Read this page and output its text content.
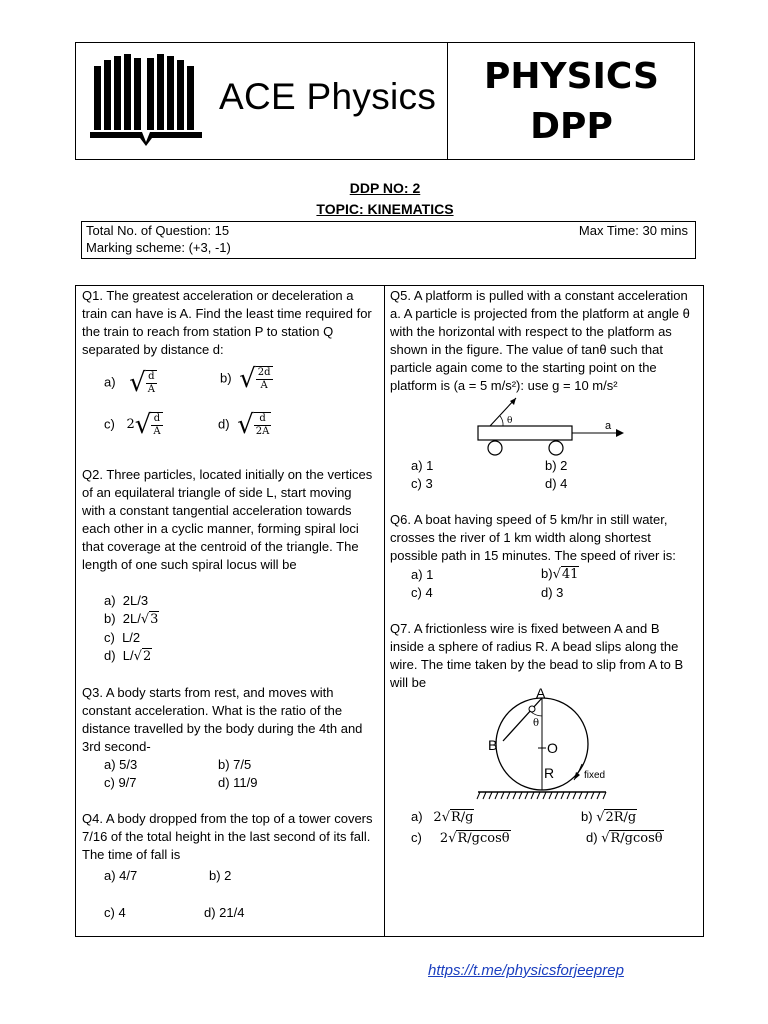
ACE Physics	PHYSICS
DPP
DDP NO: 2
TOPIC: KINEMATICS
Total No. of Question: 15	Max Time: 30 mins
Marking scheme: (+3, -1)
Q1. The greatest acceleration or deceleration a
train can have is A. Find the least time required for
the train to reach from station P to station Q
separated by distance d:
a) √ $\frac{d}{A}$	b) √ $\frac{2d}{A}$
c) $2√ \frac{d}{A}$	d) √ $\frac{d}{2A}$
Q2. Three particles, located initially on the vertices
of an equilateral triangle of side L, start moving
with a constant tangential acceleration towards
each other in a cyclic manner, forming spiral loci
that coverage at the centroid of the triangle. The
length of one such spiral locus will be
a) 2L/3
b) 2L/√3
c) L/2
d) L/√2
Q3. A body starts from rest, and moves with
constant acceleration. What is the ratio of the
distance travelled by the body during the 4th and
3rd second-
a) 5/3	b) 7/5
c) 9/7	d) 11/9
Q4. A body dropped from the top of a tower covers
7/16 of the total height in the last second of its fall.
The time of fall is
a) 4/7	b) 2
c) 4	d) 21/4
Q5. A platform is pulled with a constant acceleration
a. A particle is projected from the platform at angle θ
with the horizontal with respect to the platform as
shown in the figure. The value of tanθ such that
particle again come to the starting point on the
platform is (a = 5 m/s²): use g = 10 m/s²
θ	a
a) 1	b) 2
c) 3	d) 4
Q6. A boat having speed of 5 km/hr in still water,
crosses the river of 1 km width along shortest
possible path in 15 minutes. The speed of river is:
a) 1	b)√41
c) 4	d) 3
Q7. A frictionless wire is fixed between A and B
inside a sphere of radius R. A bead slips along the
wire. The time taken by the bead to slip from A to B
will be
A
B	O
R	fixed
θ
a) 2√R/g	b) √2R/g
c) 2√R/gcosθ	d) √R/gcosθ
https://t.me/physicsforjeeprep
